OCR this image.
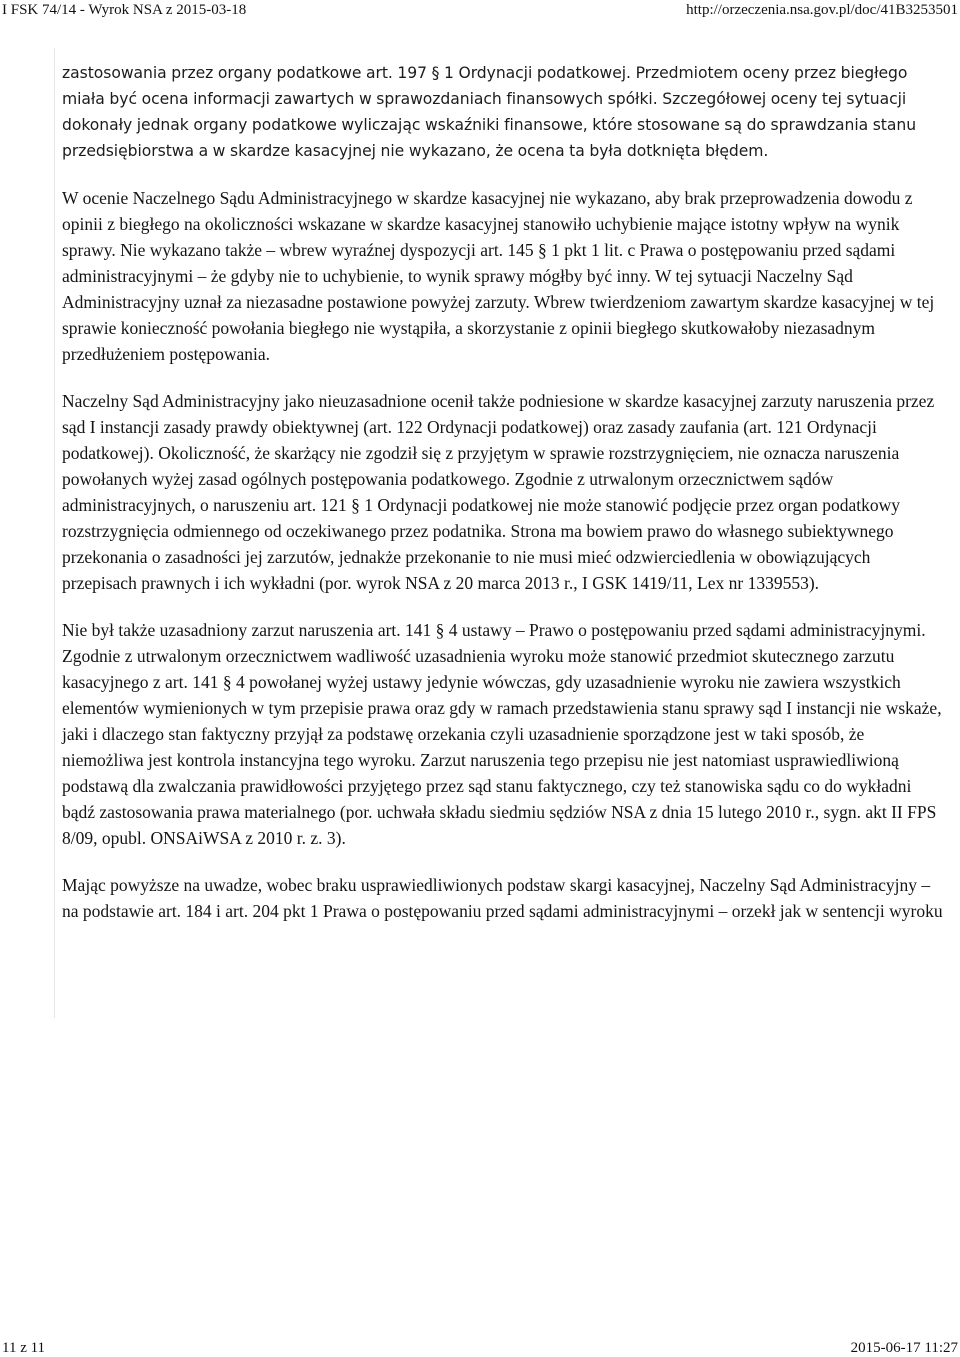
I FSK 74/14 - Wyrok NSA z 2015-03-18	http://orzeczenia.nsa.gov.pl/doc/41B3253501

zastosowania przez organy podatkowe art. 197 § 1 Ordynacji podatkowej. Przedmiotem oceny przez biegłego miała być ocena informacji zawartych w sprawozdaniach finansowych spółki. Szczegółowej oceny tej sytuacji dokonały jednak organy podatkowe wyliczając wskaźniki finansowe, które stosowane są do sprawdzania stanu przedsiębiorstwa a w skardze kasacyjnej nie wykazano, że ocena ta była dotknięta błędem.

W ocenie Naczelnego Sądu Administracyjnego w skardze kasacyjnej nie wykazano, aby brak przeprowadzenia dowodu z opinii z biegłego na okoliczności wskazane w skardze kasacyjnej stanowiło uchybienie mające istotny wpływ na wynik sprawy. Nie wykazano także – wbrew wyraźnej dyspozycji art. 145 § 1 pkt 1 lit. c Prawa o postępowaniu przed sądami administracyjnymi – że gdyby nie to uchybienie, to wynik sprawy mógłby być inny. W tej sytuacji Naczelny Sąd Administracyjny uznał za niezasadne postawione powyżej zarzuty. Wbrew twierdzeniom zawartym skardze kasacyjnej w tej sprawie konieczność powołania biegłego nie wystąpiła, a skorzystanie z opinii biegłego skutkowałoby niezasadnym przedłużeniem postępowania.

Naczelny Sąd Administracyjny jako nieuzasadnione ocenił także podniesione w skardze kasacyjnej zarzuty naruszenia przez sąd I instancji zasady prawdy obiektywnej (art. 122 Ordynacji podatkowej) oraz zasady zaufania (art. 121 Ordynacji podatkowej). Okoliczność, że skarżący nie zgodził się z przyjętym w sprawie rozstrzygnięciem, nie oznacza naruszenia powołanych wyżej zasad ogólnych postępowania podatkowego. Zgodnie z utrwalonym orzecznictwem sądów administracyjnych, o naruszeniu art. 121 § 1 Ordynacji podatkowej nie może stanowić podjęcie przez organ podatkowy rozstrzygnięcia odmiennego od oczekiwanego przez podatnika. Strona ma bowiem prawo do własnego subiektywnego przekonania o zasadności jej zarzutów, jednakże przekonanie to nie musi mieć odzwierciedlenia w obowiązujących przepisach prawnych i ich wykładni (por. wyrok NSA z 20 marca 2013 r., I GSK 1419/11, Lex nr 1339553).

Nie był także uzasadniony zarzut naruszenia art. 141 § 4 ustawy – Prawo o postępowaniu przed sądami administracyjnymi. Zgodnie z utrwalonym orzecznictwem wadliwość uzasadnienia wyroku może stanowić przedmiot skutecznego zarzutu kasacyjnego z art. 141 § 4 powołanej wyżej ustawy jedynie wówczas, gdy uzasadnienie wyroku nie zawiera wszystkich elementów wymienionych w tym przepisie prawa oraz gdy w ramach przedstawienia stanu sprawy sąd I instancji nie wskaże, jaki i dlaczego stan faktyczny przyjął za podstawę orzekania czyli uzasadnienie sporządzone jest w taki sposób, że niemożliwa jest kontrola instancyjna tego wyroku. Zarzut naruszenia tego przepisu nie jest natomiast usprawiedliwioną podstawą dla zwalczania prawidłowości przyjętego przez sąd stanu faktycznego, czy też stanowiska sądu co do wykładni bądź zastosowania prawa materialnego (por. uchwała składu siedmiu sędziów NSA z dnia 15 lutego 2010 r., sygn. akt II FPS 8/09, opubl. ONSAiWSA z 2010 r. z. 3).

Mając powyższe na uwadze, wobec braku usprawiedliwionych podstaw skargi kasacyjnej, Naczelny Sąd Administracyjny – na podstawie art. 184 i art. 204 pkt 1 Prawa o postępowaniu przed sądami administracyjnymi – orzekł jak w sentencji wyroku

11 z 11	2015-06-17 11:27
